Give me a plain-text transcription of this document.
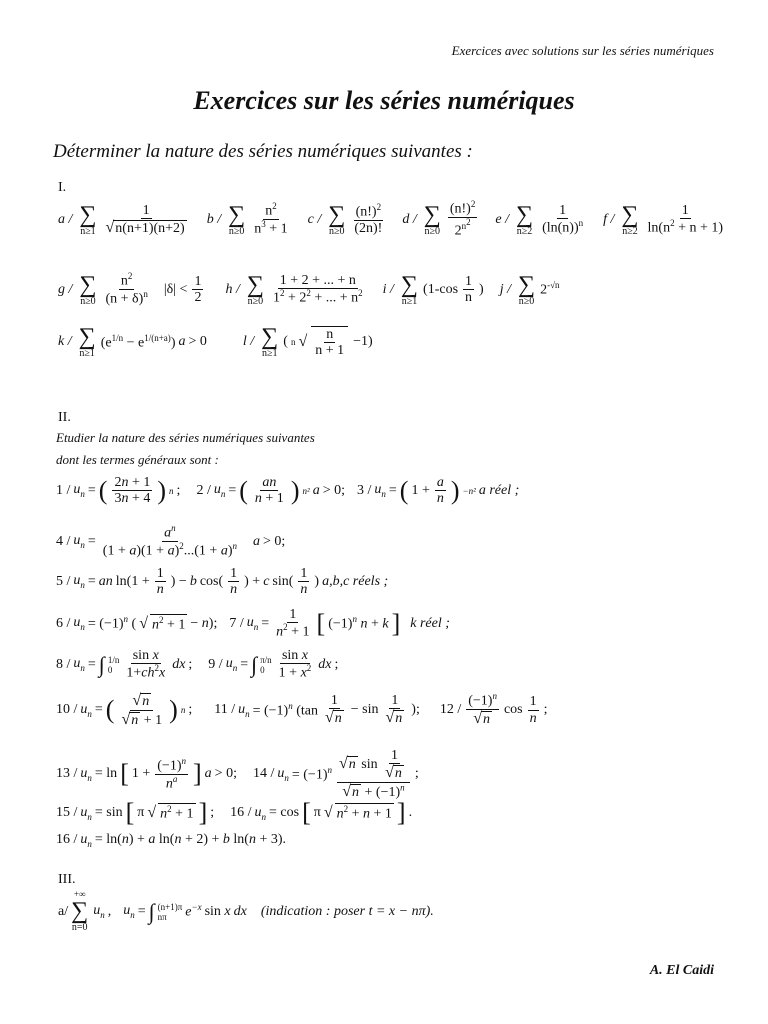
Exercices avec solutions sur les séries numériques
Exercices sur les séries numériques
Déterminer la nature des séries numériques suivantes :
I.
a / ∑
$n\ge 1 \frac{1}{√n(n+1)(n+2)}$ b / ∑
$n\ge 0 \frac{n^2}{n^3 + 1}$ c / ∑
$n\ge 0 \frac{(n!)^2}{(2n)!}$ d / ∑
$n\ge 0 \frac{(n!)^2}{2^{n^2}}$ e / ∑
$n\ge 2 \frac{1}{(\ln(n))^n}$ f / ∑
$n\ge 2 \frac{1}{\ln(n^2 + n + 1)}$
g / ∑
$n\ge 0 \frac{n^2}{(n + \delta)^n} |\delta| < \frac{1}{2}$ h / ∑
$n\ge 0 \frac{1 + 2 + ... + n}{1^2 + 2^2 + ... + n^2}$ i / ∑
n≥1
($1-\cos \frac{1}{n}$ ) j / ∑
n≥0
$2^{-√n}$
k / ∑
n≥1
$(e^{1/n} - e^{1/(n+a)}) a > 0$	l / ∑
n≥1
( n √ $\frac{n}{n + 1} -1$)
II.
Etudier la nature des séries numériques suivantes
dont les termes généraux sont :
$1 / u_n$ = ( $\frac{2n + 1}{3n + 4}$ ) n ; $2 / u_n$ = ( $\frac{an}{n + 1}$ ) n² a > 0; $3 / u_n$ = ( $1 + \frac{a}{n}$ ) −n² a réel ;
$4 / u_n = \frac{a^n}{(1 + a)(1 + a)^2...(1 + a)^n}$ a > 0;
$5 / u_n$ = an $\ln(1 + \frac{1}{n}$ ) − b $\cos( \frac{1}{n}$ ) + c $\sin( \frac{1}{n}$ ) a,b,c réels ;
$6 / u_n = (-1)^n$ ( √ $n^2 + 1 - n$); $7 / u_n = \frac{1}{n^2 + 1}$ [ $(-1)^n$ n + k ] k réel ;
$8 / u_n$ = ∫ 1/n
$0 \frac{\text{sin x}}{1+ch^2x}$ dx ; $9 / u_n$ = ∫ π/n
$0 \frac{\text{sin x}}{1 + x^2}$ dx ;
$10 / u_n$ = ( $\frac{√n}{√n + 1}$ ) n ; $11 / u_n = (-1)^n$ ($\tan \frac{1}{√n} - \sin \frac{1}{√n}$ ); $12 / \frac{(-1)^n}{√n}$ $\cos \frac{1}{n}$ ;
$13 / u_n = \ln$ [ $1 + \frac{(-1)^n}{n^a}$ ] a > 0; $14 / u_n = (-1)^n \frac{√n \sin \frac{1}{√n}}{√n + (-1)^n}$ ;
$15 / u_n = \sin$ [ π √ $n^2 + 1$ ] ; $16 / u_n = \cos$ [ π √ $n^2 + n + 1$ ] .
$16 / u_n = \ln(n) + a$ ln(n + 2) + b ln(n + 3).
III.
a/
+∞
∑
n=0
$u_n$ , $u_n$ = ∫ (n+1)π
nπ	$e^{-x}$ sin x dx (indication : poser t = x − nπ).
A. El Caidi
